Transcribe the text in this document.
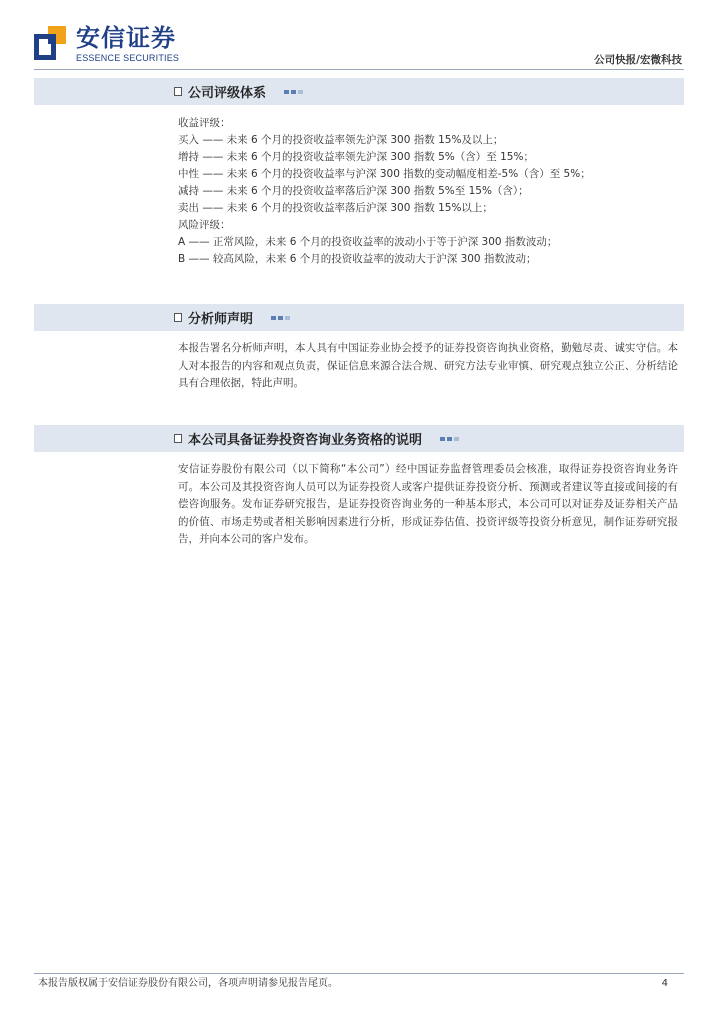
安信证券
ESSENCE SECURITIES	公司快报/宏微科技
公司评级体系

收益评级：

买入 —— 未来 6 个月的投资收益率领先沪深 300 指数 15%及以上；

增持 —— 未来 6 个月的投资收益率领先沪深 300 指数 5%（含）至 15%；

中性 —— 未来 6 个月的投资收益率与沪深 300 指数的变动幅度相差-5%（含）至 5%；

减持 —— 未来 6 个月的投资收益率落后沪深 300 指数 5%至 15%（含）；

卖出 —— 未来 6 个月的投资收益率落后沪深 300 指数 15%以上；

风险评级：

A —— 正常风险，未来 6 个月的投资收益率的波动小于等于沪深 300 指数波动；

B —— 较高风险，未来 6 个月的投资收益率的波动大于沪深 300 指数波动；

分析师声明
本报告署名分析师声明，本人具有中国证券业协会授予的证券投资咨询执业资格，勤勉尽责、诚实守信。本人对本报告的内容和观点负责，保证信息来源合法合规、研究方法专业审慎、研究观点独立公正、分析结论具有合理依据，特此声明。
本公司具备证券投资咨询业务资格的说明
安信证券股份有限公司（以下简称“本公司”）经中国证券监督管理委员会核准，取得证券投资咨询业务许可。本公司及其投资咨询人员可以为证券投资人或客户提供证券投资分析、预测或者建议等直接或间接的有偿咨询服务。发布证券研究报告，是证券投资咨询业务的一种基本形式，本公司可以对证券及证券相关产品的价值、市场走势或者相关影响因素进行分析，形成证券估值、投资评级等投资分析意见，制作证券研究报告，并向本公司的客户发布。
本报告版权属于安信证券股份有限公司，各项声明请参见报告尾页。	4
